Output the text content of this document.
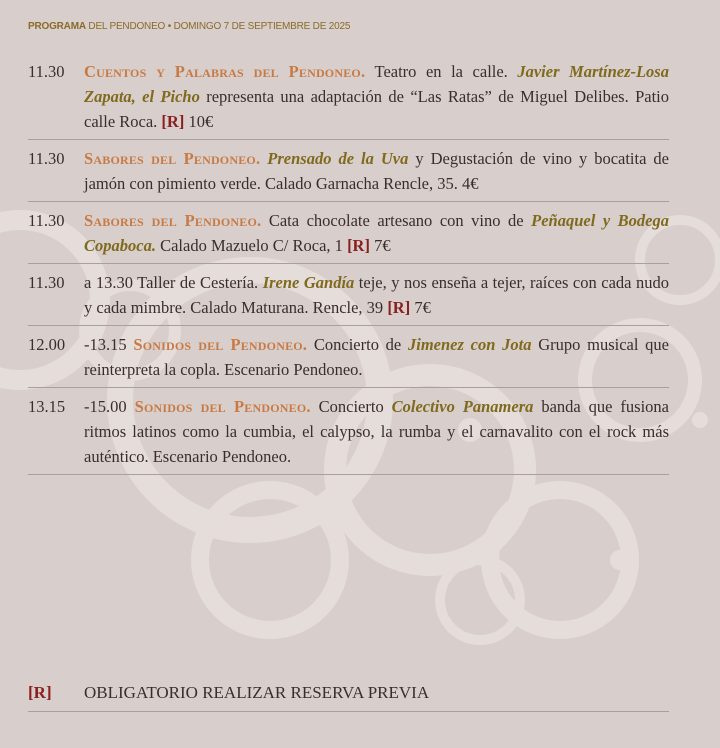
PROGRAMA DEL PENDONEO • DOMINGO 7 DE SEPTIEMBRE DE 2025
11.30 Cuentos y Palabras del Pendoneo. Teatro en la calle. Javier Martínez-Losa Zapata, el Picho representa una adaptación de “Las Ratas” de Miguel Delibes. Patio calle Roca. [R] 10€
11.30 Sabores del Pendoneo. Prensado de la Uva y Degustación de vino y bocatita de jamón con pimiento verde. Calado Garnacha Rencle, 35. 4€
11.30 Sabores del Pendoneo. Cata chocolate artesano con vino de Peñaquel y Bodega Copaboca. Calado Mazuelo C/ Roca, 1 [R] 7€
11.30 a 13.30 Taller de Cestería. Irene Gandía teje, y nos enseña a tejer, raíces con cada nudo y cada mimbre. Calado Maturana. Rencle, 39 [R] 7€
12.00 -13.15 Sonidos del Pendoneo. Concierto de Jimenez con Jota Grupo musical que reinterpreta la copla. Escenario Pendoneo.
13.15 -15.00 Sonidos del Pendoneo. Concierto Colectivo Panamera banda que fusiona ritmos latinos como la cumbia, el calypso, la rumba y el carnavalito con el rock más auténtico. Escenario Pendoneo.
[R] OBLIGATORIO REALIZAR RESERVA PREVIA
